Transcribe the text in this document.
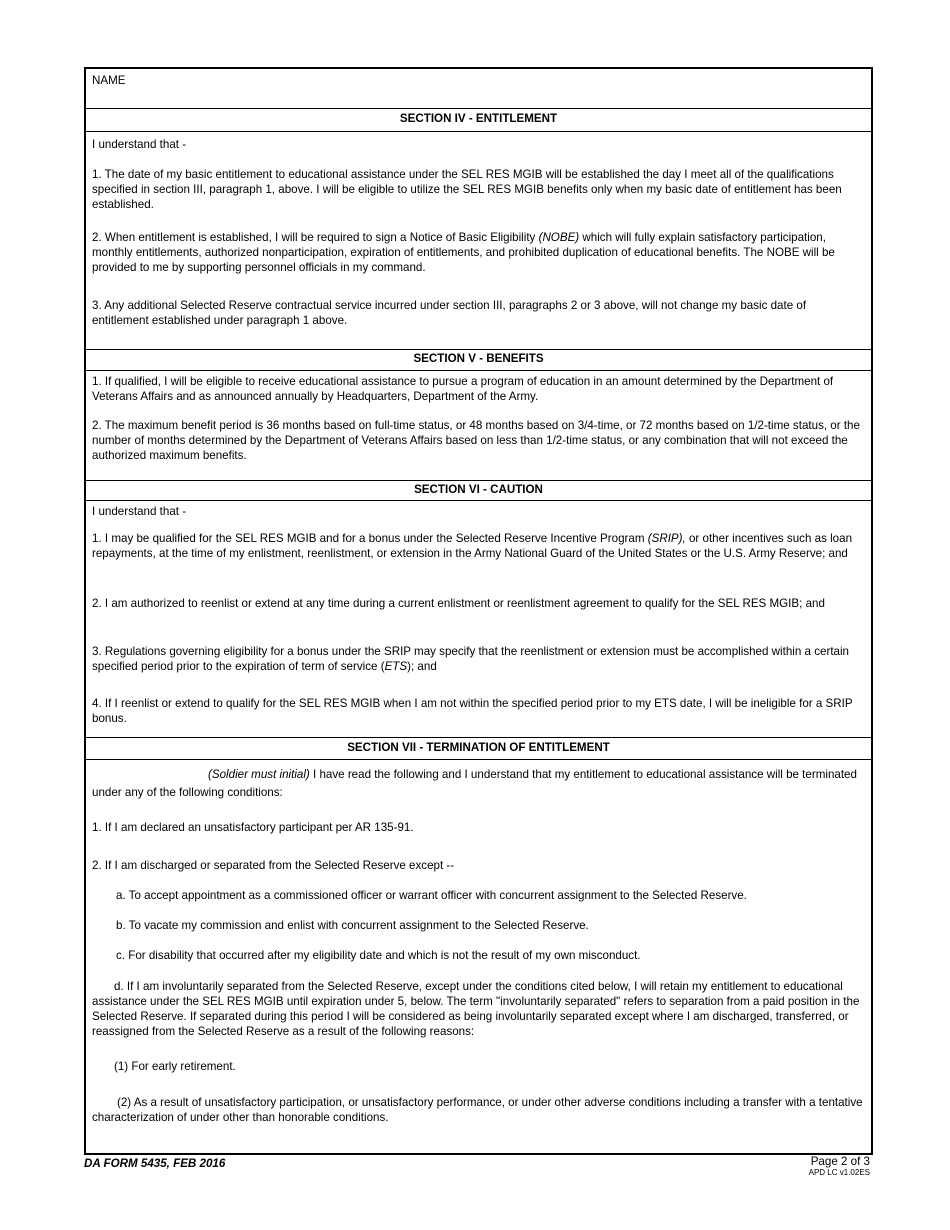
NAME
SECTION IV - ENTITLEMENT
I understand that -
1. The date of my basic entitlement to educational assistance under the SEL RES MGIB will be established the day I meet all of the qualifications specified in section III, paragraph 1, above. I will be eligible to utilize the SEL RES MGIB benefits only when my basic date of entitlement has been established.
2. When entitlement is established, I will be required to sign a Notice of Basic Eligibility (NOBE) which will fully explain satisfactory participation, monthly entitlements, authorized nonparticipation, expiration of entitlements, and prohibited duplication of educational benefits. The NOBE will be provided to me by supporting personnel officials in my command.
3. Any additional Selected Reserve contractual service incurred under section III, paragraphs 2 or 3 above, will not change my basic date of entitlement established under paragraph 1 above.
SECTION V - BENEFITS
1. If qualified, I will be eligible to receive educational assistance to pursue a program of education in an amount determined by the Department of Veterans Affairs and as announced annually by Headquarters, Department of the Army.
2. The maximum benefit period is 36 months based on full-time status, or 48 months based on 3/4-time, or 72 months based on 1/2-time status, or the number of months determined by the Department of Veterans Affairs based on less than 1/2-time status, or any combination that will not exceed the authorized maximum benefits.
SECTION VI - CAUTION
I understand that -
1. I may be qualified for the SEL RES MGIB and for a bonus under the Selected Reserve Incentive Program (SRIP), or other incentives such as loan repayments, at the time of my enlistment, reenlistment, or extension in the Army National Guard of the United States or the U.S. Army Reserve; and
2. I am authorized to reenlist or extend at any time during a current enlistment or reenlistment agreement to qualify for the SEL RES MGIB; and
3. Regulations governing eligibility for a bonus under the SRIP may specify that the reenlistment or extension must be accomplished within a certain specified period prior to the expiration of term of service (ETS); and
4. If I reenlist or extend to qualify for the SEL RES MGIB when I am not within the specified period prior to my ETS date, I will be ineligible for a SRIP bonus.
SECTION VII - TERMINATION OF ENTITLEMENT
(Soldier must initial) I have read the following and I understand that my entitlement to educational assistance will be terminated under any of the following conditions:
1. If I am declared an unsatisfactory participant per AR 135-91.
2. If I am discharged or separated from the Selected Reserve except --
a. To accept appointment as a commissioned officer or warrant officer with concurrent assignment to the Selected Reserve.
b. To vacate my commission and enlist with concurrent assignment to the Selected Reserve.
c. For disability that occurred after my eligibility date and which is not the result of my own misconduct.
d. If I am involuntarily separated from the Selected Reserve, except under the conditions cited below, I will retain my entitlement to educational assistance under the SEL RES MGIB until expiration under 5, below. The term "involuntarily separated" refers to separation from a paid position in the Selected Reserve. If separated during this period I will be considered as being involuntarily separated except where I am discharged, transferred, or reassigned from the Selected Reserve as a result of the following reasons:
(1) For early retirement.
(2) As a result of unsatisfactory participation, or unsatisfactory performance, or under other adverse conditions including a transfer with a tentative characterization of under other than honorable conditions.
DA FORM 5435, FEB 2016	Page 2 of 3
APD LC v1.02ES
